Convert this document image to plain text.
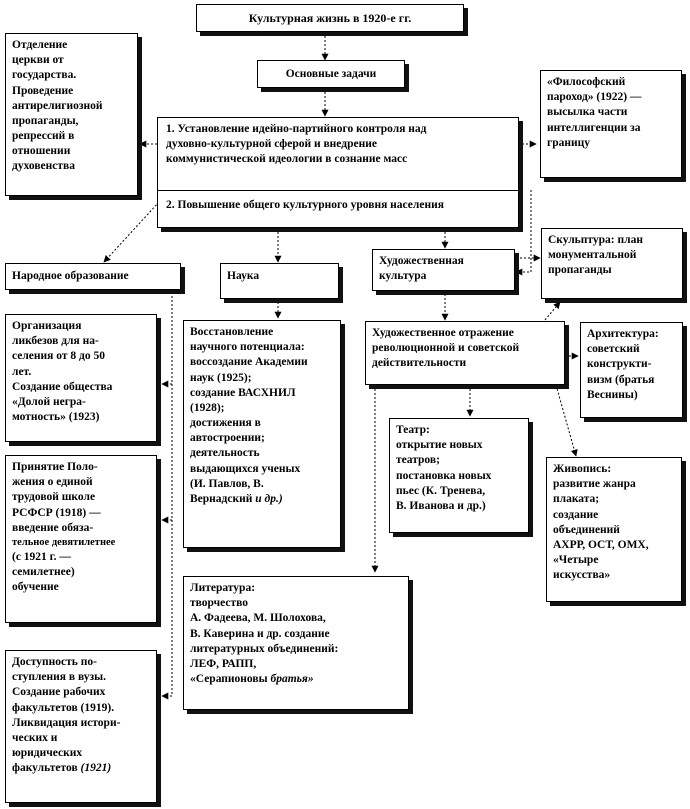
Культурная жизнь в 1920-е гг.
Основные задачи
1. Установление идейно-партийного контроля над
духовно-культурной сферой и внедрение
коммунистической идеологии в сознание масс
2. Повышение общего культурного уровня населения
Отделение
церкви от
государства.
Проведение
антирелигиозной
пропаганды,
репрессий в
отношении
духовенства
«Философский
пароход» (1922) —
высылка части
интеллигенции за
границу
Народное образование	Наука
Художественная
культура
Скульптура: план
монументальной
пропаганды
Организация
ликбезов для на-
селения от 8 до 50
лет.
Создание общества
«Долой негра-
мотность» (1923)
Принятие Поло-
жения о единой
трудовой школе
РСФСР (1918) —
введение обяза-
тельное девятилетнее
(с 1921 г. —
семилетнее)
обучение
Доступность по-
ступления в вузы.
Создание рабочих
факультетов (1919).
Ликвидация истори-
ческих и
юридических
факультетов (1921)
Восстановление
научного потенциала:
воссоздание Академии
наук (1925);
создание ВАСХНИЛ
(1928);
достижения в
автостроении;
деятельность
выдающихся ученых
(И. Павлов, В.
Вернадский и др.)
Художественное отражение
революционной и советской
действительности
Архитектура:
советский
конструкти-
визм (братья
Веснины)
Театр:
открытие новых
театров;
постановка новых
пьес (К. Тренева,
В. Иванова и др.)
Живопись:
развитие жанра
плаката;
создание
объединений
АХРР, ОСТ, ОМХ,
«Четыре
искусства»
Литература:
творчество
А. Фадеева, М. Шолохова,
В. Каверина и др. создание
литературных объединений:
ЛЕФ, РАПП,
«Серапионовы братья»
